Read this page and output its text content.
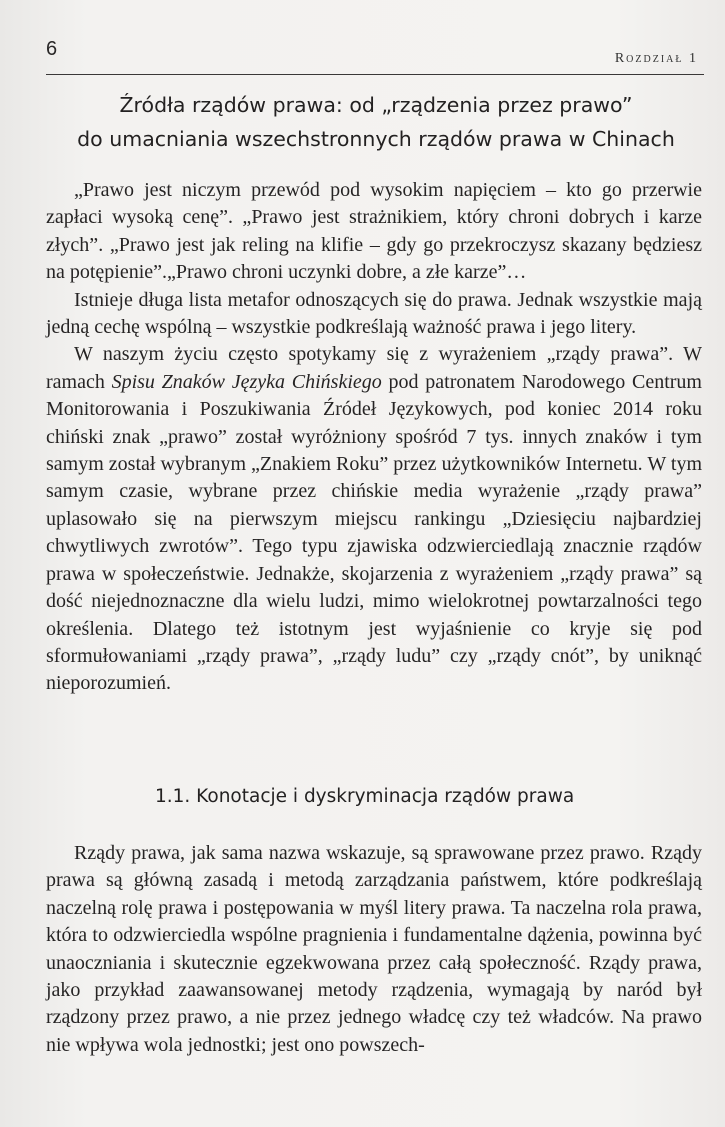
6	Rozdział 1
Źródła rządów prawa: od „rządzenia przez prawo”
do umacniania wszechstronnych rządów prawa w Chinach

„Prawo jest niczym przewód pod wysokim napięciem – kto go przerwie zapłaci wysoką cenę”. „Prawo jest strażnikiem, który chroni dobrych i karze złych”. „Prawo jest jak reling na klifie – gdy go przekroczysz skazany będziesz na potępienie”.„Prawo chroni uczynki dobre, a złe karze”…

Istnieje długa lista metafor odnoszących się do prawa. Jednak wszystkie mają jedną cechę wspólną – wszystkie podkreślają ważność prawa i jego litery.

W naszym życiu często spotykamy się z wyrażeniem „rządy prawa”. W ramach Spisu Znaków Języka Chińskiego pod patronatem Narodowego Centrum Monitorowania i Poszukiwania Źródeł Językowych, pod koniec 2014 roku chiński znak „prawo” został wyróżniony spośród 7 tys. innych znaków i tym samym został wybranym „Znakiem Roku” przez użytkowników Internetu. W tym samym czasie, wybrane przez chińskie media wyrażenie „rządy prawa” uplasowało się na pierwszym miejscu rankingu „Dziesięciu najbardziej chwytliwych zwrotów”. Tego typu zjawiska odzwierciedlają znacznie rządów prawa w społeczeństwie. Jednakże, skojarzenia z wyrażeniem „rządy prawa” są dość niejednoznaczne dla wielu ludzi, mimo wielokrotnej powtarzalności tego określenia. Dlatego też istotnym jest wyjaśnienie co kryje się pod sformułowaniami „rządy prawa”, „rządy ludu” czy „rządy cnót”, by uniknąć nieporozumień.

1.1. Konotacje i dyskryminacja rządów prawa

Rządy prawa, jak sama nazwa wskazuje, są sprawowane przez prawo. Rządy prawa są główną zasadą i metodą zarządzania państwem, które podkreślają naczelną rolę prawa i postępowania w myśl litery prawa. Ta naczelna rola prawa, która to odzwierciedla wspólne pragnienia i fundamentalne dążenia, powinna być unaoczniania i skutecznie egzekwowana przez całą społeczność. Rządy prawa, jako przykład zaawansowanej metody rządzenia, wymagają by naród był rządzony przez prawo, a nie przez jednego władcę czy też władców. Na prawo nie wpływa wola jednostki; jest ono powszech-
